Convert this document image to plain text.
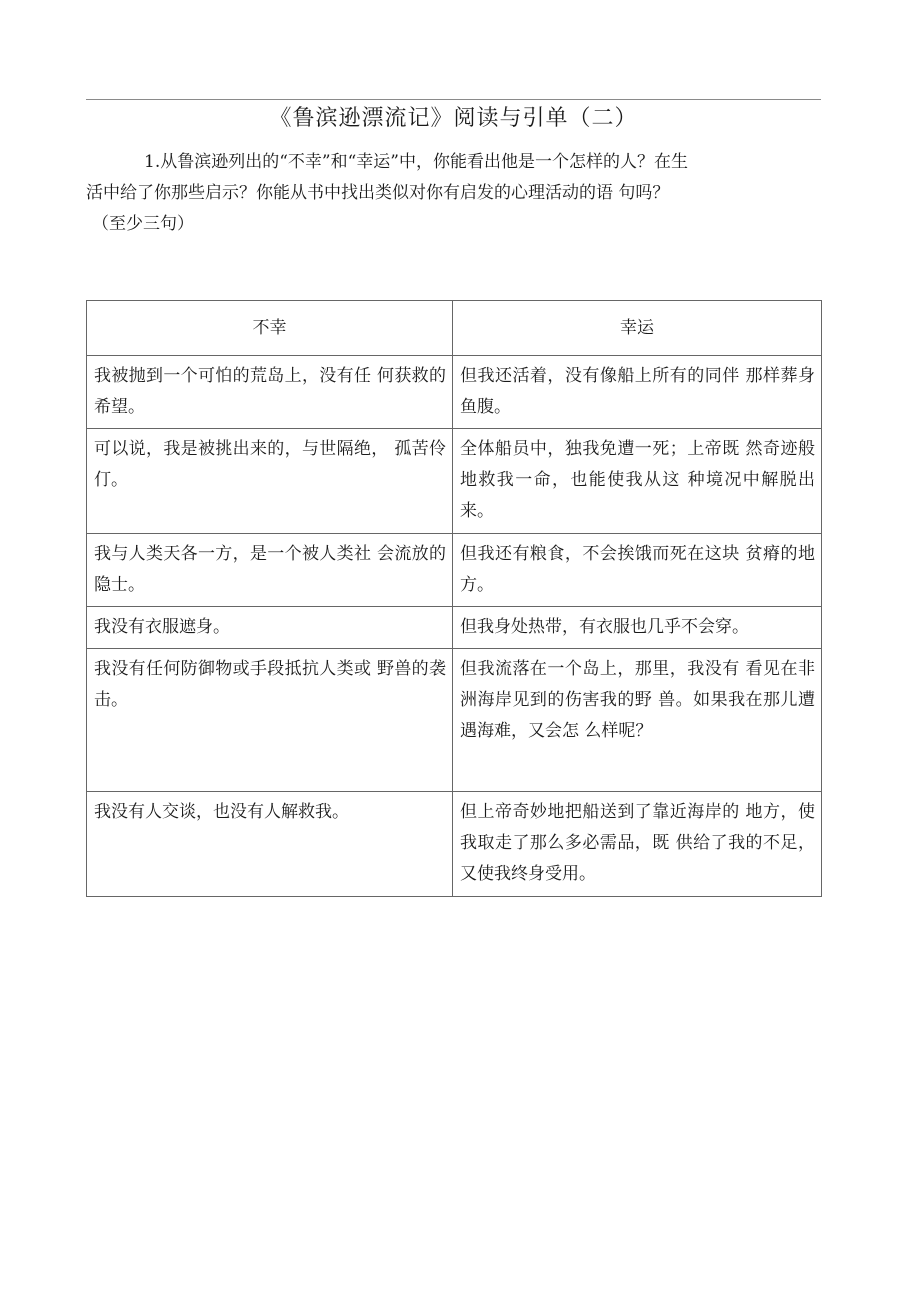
《鲁滨逊漂流记》阅读与引单（二）

1.从鲁滨逊列出的“不幸”和“幸运”中，你能看出他是一个怎样的人？在生
活中给了你那些启示？你能从书中找出类似对你有启发的心理活动的语 句吗？
（至少三句）

不幸	幸运
我被抛到一个可怕的荒岛上，没有任 何获救的希望。	但我还活着，没有像船上所有的同伴 那样葬身鱼腹。
可以说，我是被挑出来的，与世隔绝， 孤苦伶仃。	全体船员中，独我免遭一死；上帝既 然奇迹般地救我一命，也能使我从这 种境况中解脱出来。
我与人类天各一方，是一个被人类社 会流放的隐士。	但我还有粮食，不会挨饿而死在这块 贫瘠的地方。
我没有衣服遮身。	但我身处热带，有衣服也几乎不会穿。
我没有任何防御物或手段抵抗人类或 野兽的袭击。	但我流落在一个岛上，那里，我没有 看见在非洲海岸见到的伤害我的野 兽。如果我在那儿遭遇海难，又会怎 么样呢？
我没有人交谈，也没有人解救我。	但上帝奇妙地把船送到了靠近海岸的 地方，使我取走了那么多必需品，既 供给了我的不足，又使我终身受用。
